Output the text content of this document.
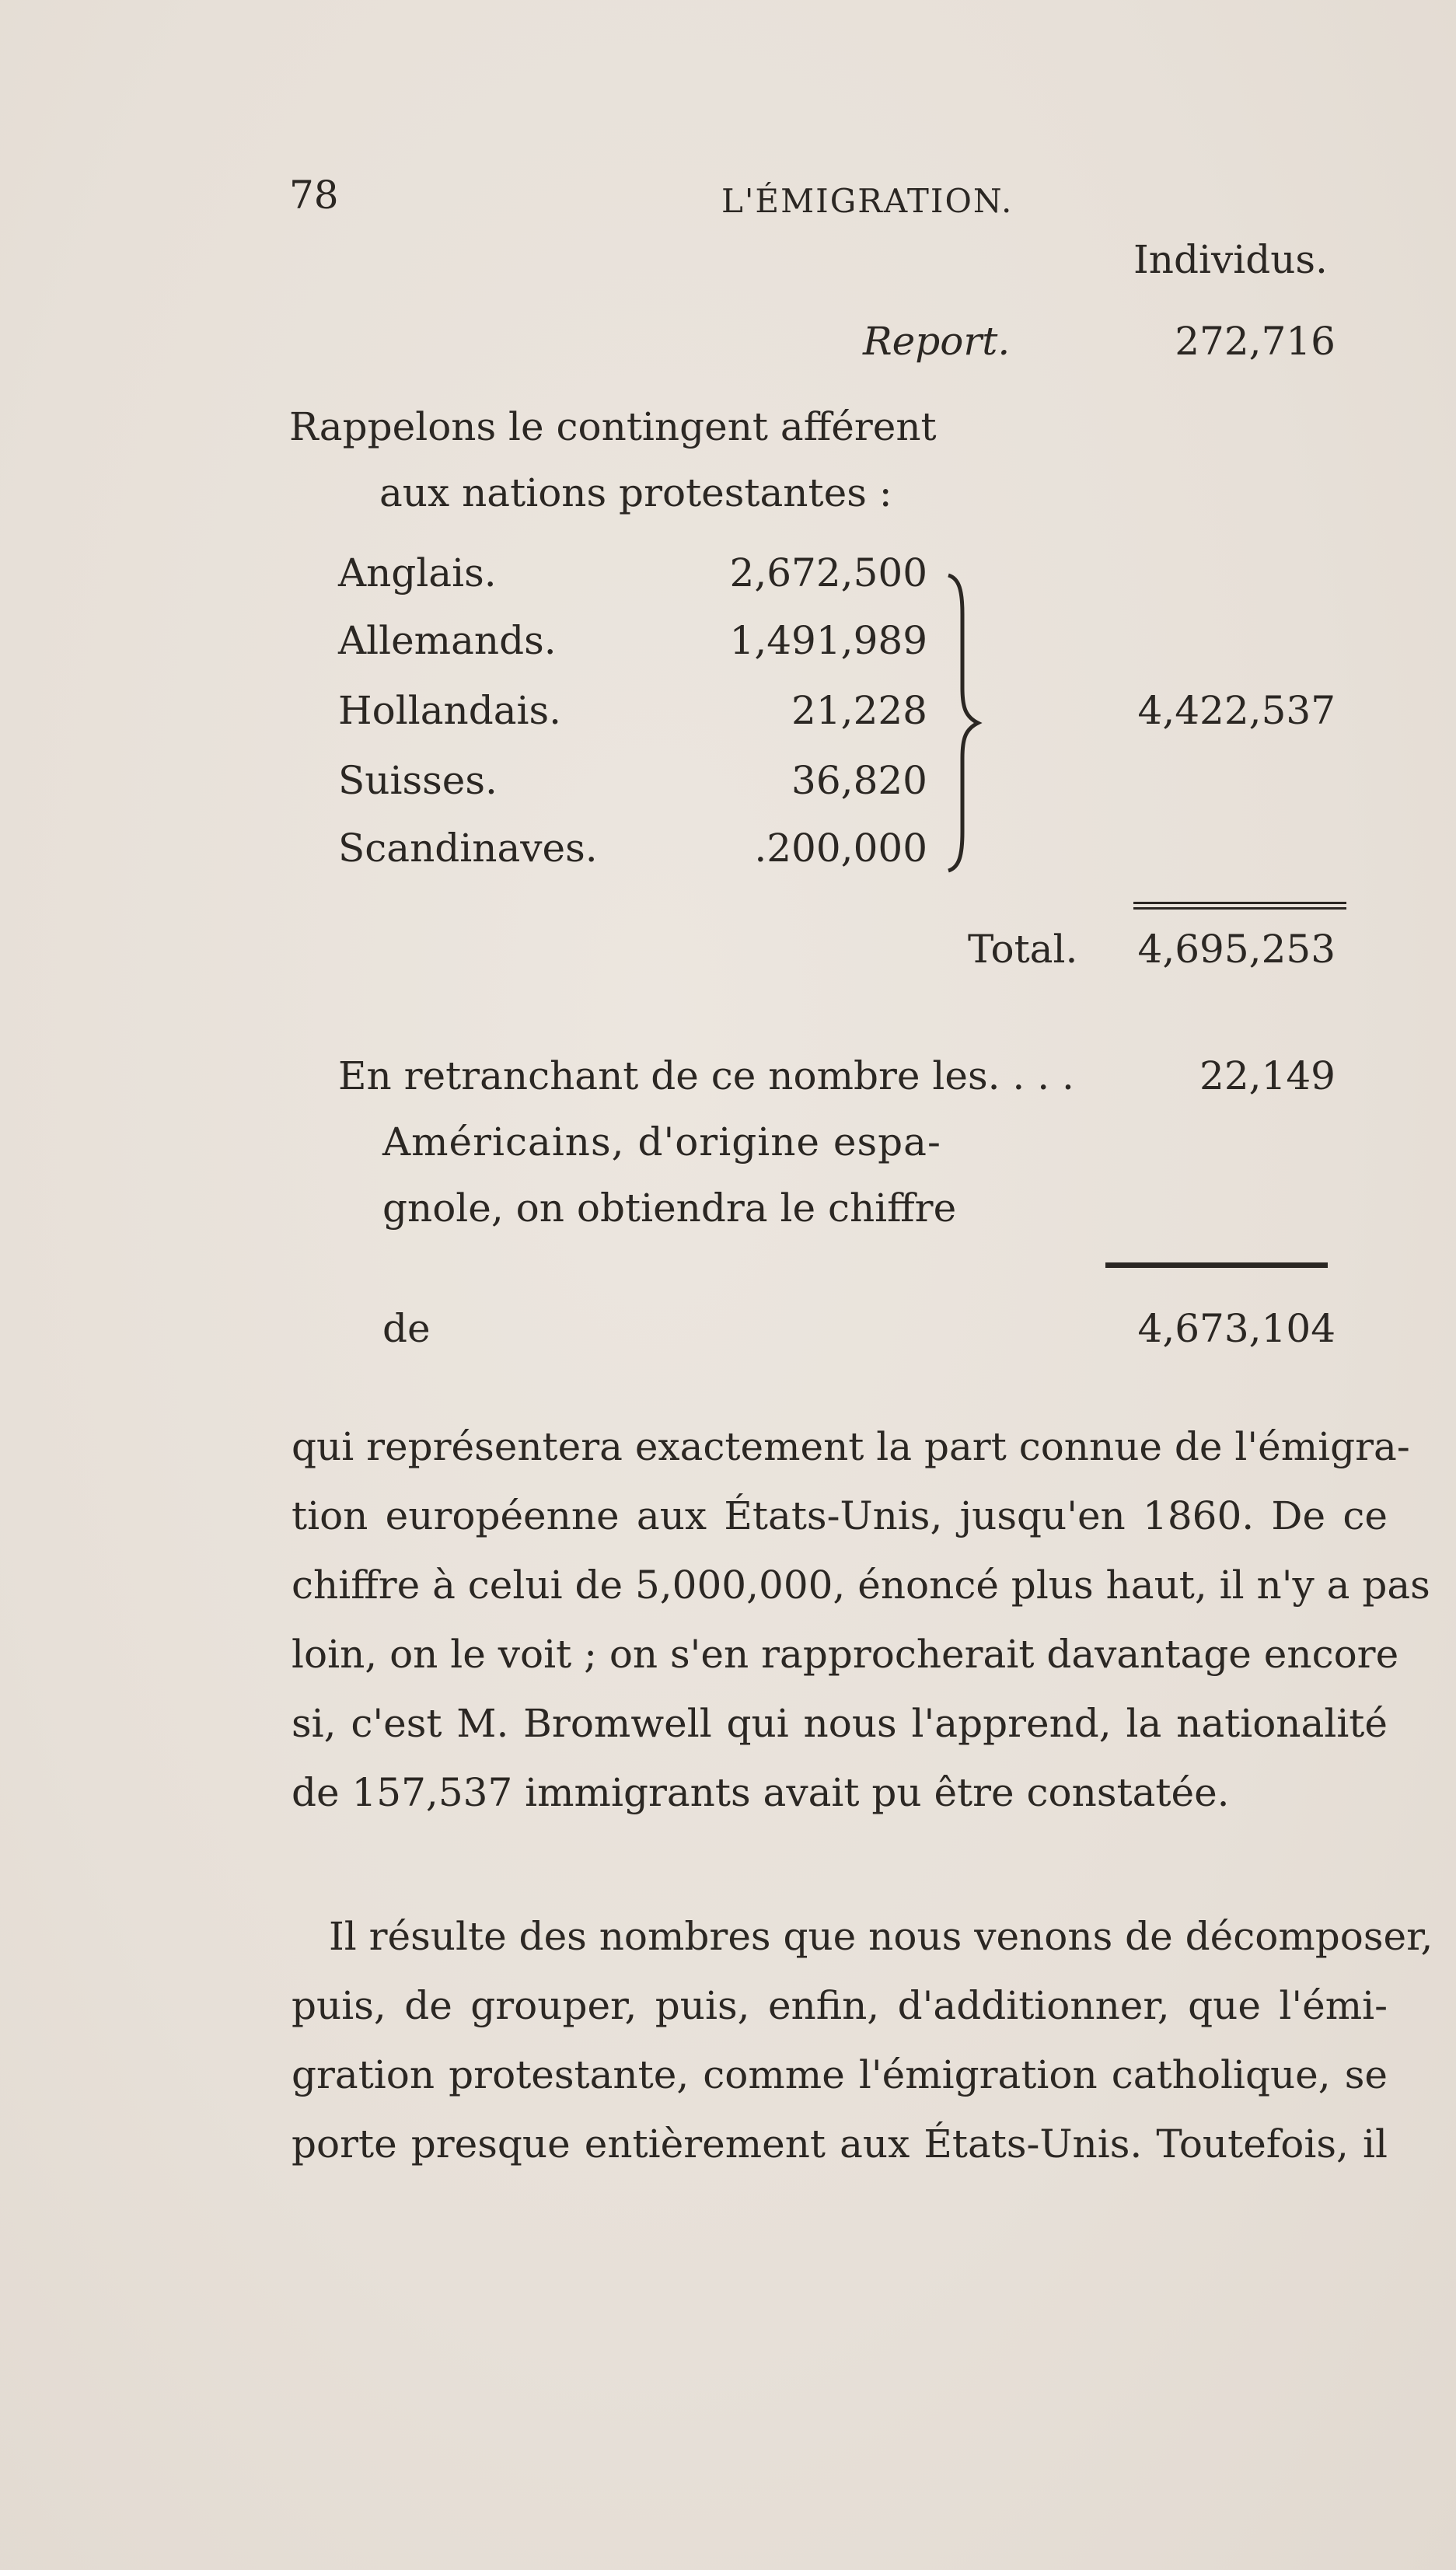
78	L'ÉMIGRATION.
Individus.
Report.	272,716
Rappelons le contingent afférent
aux nations protestantes :
Anglais.	2,672,500
Allemands.	1,491,989
Hollandais.	21,228
Suisses.	36,820
Scandinaves.	.200,000
4,422,537
Total. 4,695,253
En retranchant de ce nombre les. . . .	22,149
Américains, d'origine espa-
gnole, on obtiendra le chiffre
de	4,673,104
qui représentera exactement la part connue de l'émigra-
tion européenne aux États-Unis, jusqu'en 1860. De ce
chiffre à celui de 5,000,000, énoncé plus haut, il n'y a pas
loin, on le voit ; on s'en rapprocherait davantage encore
si, c'est M. Bromwell qui nous l'apprend, la nationalité
de 157,537 immigrants avait pu être constatée.
Il résulte des nombres que nous venons de décomposer,
puis, de grouper, puis, enfin, d'additionner, que l'émi-
gration protestante, comme l'émigration catholique, se
porte presque entièrement aux États-Unis. Toutefois, il
